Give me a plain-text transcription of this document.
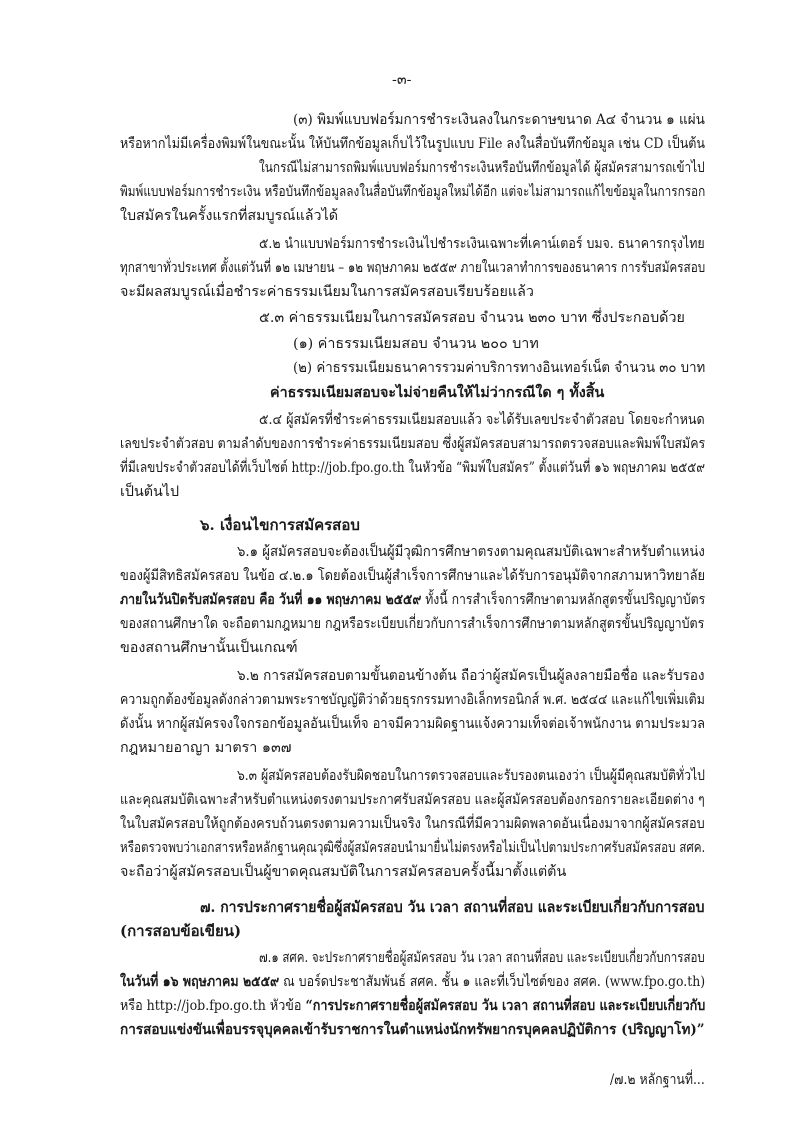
-๓-
(๓) พิมพ์แบบฟอร์มการชำระเงินลงในกระดาษขนาด A๔ จำนวน ๑ แผ่น
หรือหากไม่มีเครื่องพิมพ์ในขณะนั้น ให้บันทึกข้อมูลเก็บไว้ในรูปแบบ File ลงในสื่อบันทึกข้อมูล เช่น CD เป็นต้น
ในกรณีไม่สามารถพิมพ์แบบฟอร์มการชำระเงินหรือบันทึกข้อมูลได้ ผู้สมัครสามารถเข้าไป
พิมพ์แบบฟอร์มการชำระเงิน หรือบันทึกข้อมูลลงในสื่อบันทึกข้อมูลใหม่ได้อีก แต่จะไม่สามารถแก้ไขข้อมูลในการกรอก
ใบสมัครในครั้งแรกที่สมบูรณ์แล้วได้
๕.๒ นำแบบฟอร์มการชำระเงินไปชำระเงินเฉพาะที่เคาน์เตอร์ บมจ. ธนาคารกรุงไทย
ทุกสาขาทั่วประเทศ ตั้งแต่วันที่ ๑๒ เมษายน – ๑๒ พฤษภาคม ๒๕๕๙ ภายในเวลาทำการของธนาคาร การรับสมัครสอบ
จะมีผลสมบูรณ์เมื่อชำระค่าธรรมเนียมในการสมัครสอบเรียบร้อยแล้ว
๕.๓ ค่าธรรมเนียมในการสมัครสอบ จำนวน ๒๓๐ บาท ซึ่งประกอบด้วย
(๑) ค่าธรรมเนียมสอบ จำนวน ๒๐๐ บาท
(๒) ค่าธรรมเนียมธนาคารรวมค่าบริการทางอินเทอร์เน็ต จำนวน ๓๐ บาท
ค่าธรรมเนียมสอบจะไม่จ่ายคืนให้ไม่ว่ากรณีใด ๆ ทั้งสิ้น
๕.๔ ผู้สมัครที่ชำระค่าธรรมเนียมสอบแล้ว จะได้รับเลขประจำตัวสอบ โดยจะกำหนด
เลขประจำตัวสอบ ตามลำดับของการชำระค่าธรรมเนียมสอบ ซึ่งผู้สมัครสอบสามารถตรวจสอบและพิมพ์ใบสมัคร
ที่มีเลขประจำตัวสอบได้ที่เว็บไซต์ http://job.fpo.go.th ในหัวข้อ “พิมพ์ใบสมัคร” ตั้งแต่วันที่ ๑๖ พฤษภาคม ๒๕๕๙
เป็นต้นไป
๖. เงื่อนไขการสมัครสอบ
๖.๑ ผู้สมัครสอบจะต้องเป็นผู้มีวุฒิการศึกษาตรงตามคุณสมบัติเฉพาะสำหรับตำแหน่ง
ของผู้มีสิทธิสมัครสอบ ในข้อ ๔.๒.๑ โดยต้องเป็นผู้สำเร็จการศึกษาและได้รับการอนุมัติจากสภามหาวิทยาลัย
ภายในวันปิดรับสมัครสอบ คือ วันที่ ๑๑ พฤษภาคม ๒๕๕๙ ทั้งนี้ การสำเร็จการศึกษาตามหลักสูตรขั้นปริญญาบัตร
ของสถานศึกษาใด จะถือตามกฎหมาย กฎหรือระเบียบเกี่ยวกับการสำเร็จการศึกษาตามหลักสูตรขั้นปริญญาบัตร
ของสถานศึกษานั้นเป็นเกณฑ์
๖.๒ การสมัครสอบตามขั้นตอนข้างต้น ถือว่าผู้สมัครเป็นผู้ลงลายมือชื่อ และรับรอง
ความถูกต้องข้อมูลดังกล่าวตามพระราชบัญญัติว่าด้วยธุรกรรมทางอิเล็กทรอนิกส์ พ.ศ. ๒๕๔๔ และแก้ไขเพิ่มเติม
ดังนั้น หากผู้สมัครจงใจกรอกข้อมูลอันเป็นเท็จ อาจมีความผิดฐานแจ้งความเท็จต่อเจ้าพนักงาน ตามประมวล
กฎหมายอาญา มาตรา ๑๓๗
๖.๓ ผู้สมัครสอบต้องรับผิดชอบในการตรวจสอบและรับรองตนเองว่า เป็นผู้มีคุณสมบัติทั่วไป
และคุณสมบัติเฉพาะสำหรับตำแหน่งตรงตามประกาศรับสมัครสอบ และผู้สมัครสอบต้องกรอกรายละเอียดต่าง ๆ
ในใบสมัครสอบให้ถูกต้องครบถ้วนตรงตามความเป็นจริง ในกรณีที่มีความผิดพลาดอันเนื่องมาจากผู้สมัครสอบ
หรือตรวจพบว่าเอกสารหรือหลักฐานคุณวุฒิซึ่งผู้สมัครสอบนำมายื่นไม่ตรงหรือไม่เป็นไปตามประกาศรับสมัครสอบ สศค.
จะถือว่าผู้สมัครสอบเป็นผู้ขาดคุณสมบัติในการสมัครสอบครั้งนี้มาตั้งแต่ต้น
๗. การประกาศรายชื่อผู้สมัครสอบ วัน เวลา สถานที่สอบ และระเบียบเกี่ยวกับการสอบ
(การสอบข้อเขียน)
๗.๑ สศค. จะประกาศรายชื่อผู้สมัครสอบ วัน เวลา สถานที่สอบ และระเบียบเกี่ยวกับการสอบ
ในวันที่ ๑๖ พฤษภาคม ๒๕๕๙ ณ บอร์ดประชาสัมพันธ์ สศค. ชั้น ๑ และที่เว็บไซต์ของ สศค. (www.fpo.go.th)
หรือ http://job.fpo.go.th หัวข้อ “การประกาศรายชื่อผู้สมัครสอบ วัน เวลา สถานที่สอบ และระเบียบเกี่ยวกับ
การสอบแข่งขันเพื่อบรรจุบุคคลเข้ารับราชการในตำแหน่งนักทรัพยากรบุคคลปฏิบัติการ (ปริญญาโท)”
/๗.๒ หลักฐานที่...
